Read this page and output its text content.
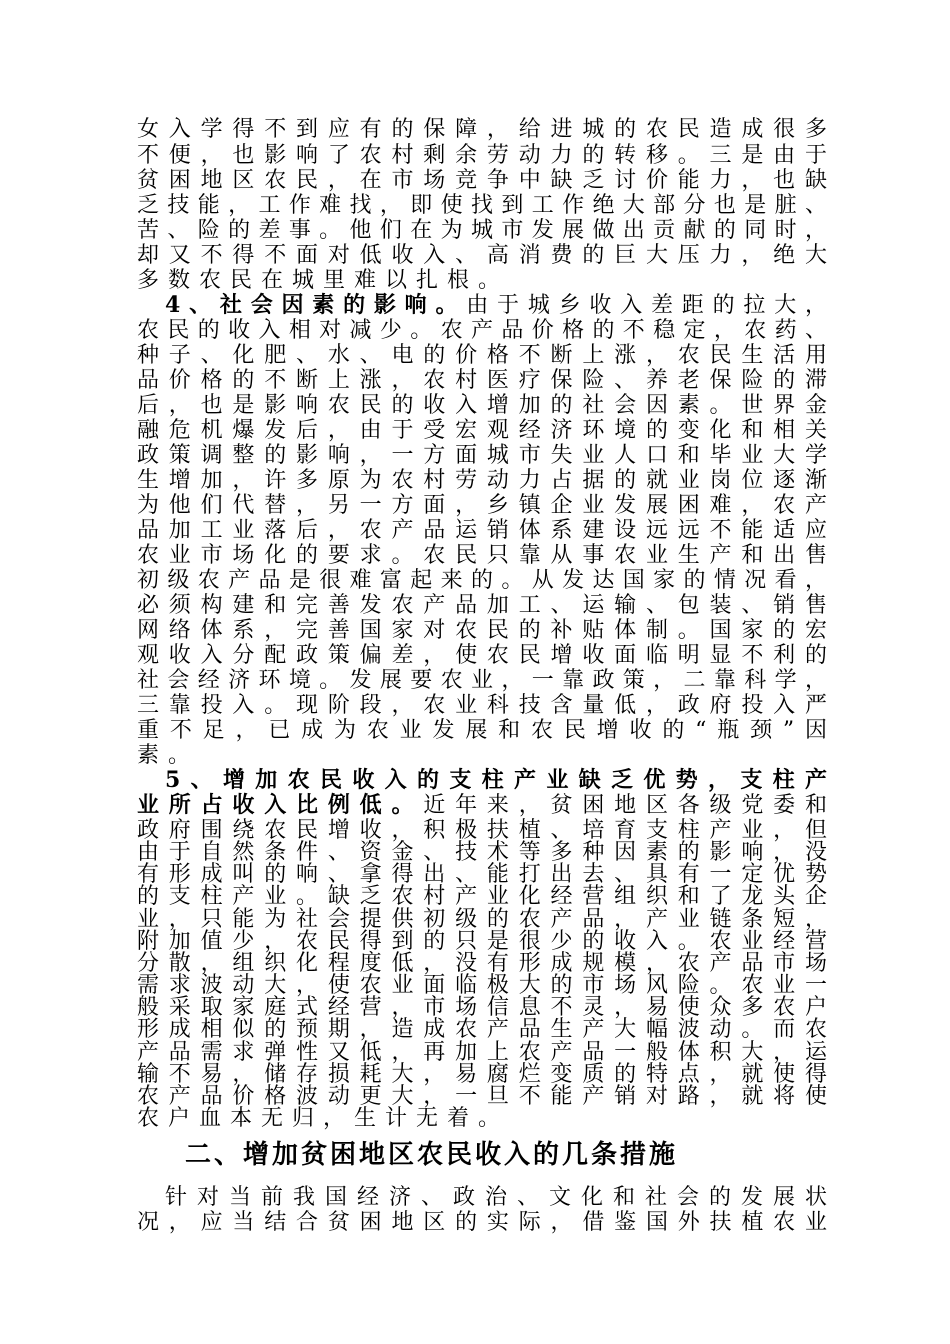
女入学得不到应有的保障，给进城的农民造成很多
不便，也影响了农村剩余劳动力的转移。三是由于
贫困地区农民，在市场竞争中缺乏讨价能力，也缺
乏技能，工作难找，即使找到工作绝大部分也是脏、
苦、险的差事。他们在为城市发展做出贡献的同时，
却又不得不面对低收入、高消费的巨大压力，绝大
多数农民在城里难以扎根。
4、社会因素的影响。由于城乡收入差距的拉大，
农民的收入相对减少。农产品价格的不稳定，农药、
种子、化肥、水、电的价格不断上涨，农民生活用
品价格的不断上涨，农村医疗保险、养老保险的滞
后，也是影响农民的收入增加的社会因素。世界金
融危机爆发后，由于受宏观经济环境的变化和相关
政策调整的影响，一方面城市失业人口和毕业大学
生增加，许多原为农村劳动力占据的就业岗位逐渐
为他们代替，另一方面，乡镇企业发展困难，农产
品加工业落后，农产品运销体系建设远远不能适应
农业市场化的要求。农民只靠从事农业生产和出售
初级农产品是很难富起来的。从发达国家的情况看，
必须构建和完善发农产品加工、运输、包装、销售
网络体系，完善国家对农民的补贴体制。国家的宏
观收入分配政策偏差，使农民增收面临明显不利的
社会经济环境。发展要农业，一靠政策，二靠科学，
三靠投入。现阶段，农业科技含量低，政府投入严
重不足，已成为农业发展和农民增收的“瓶颈”因
素。
5、增加农民收入的支柱产业缺乏优势，支柱产
业所占收入比例低。近年来，贫困地区各级党委和
政府围绕农民增收，积极扶植、培育支柱产业，但
由于自然条件、资金、技术等多种因素的影响，没
有形成叫的响、拿得出、能打出去、具有一定优势
的支柱产业。缺乏农村产业化经营组织和了龙头企
业，只能为社会提供初级的农产品，产业链条短，
附加值少，农民得到的只是很少的收入。农业经营
分散，组织化程度低，没有形成规模，农产品市场
需求波动大，使农业面临极大的市场风险。农业一
般采取家庭式经营，市场信息不灵，易使众多农户
形成相似的预期，造成农产品生产大幅波动。而农
产品需求弹性又低，再加上农产品一般体积大，运
输不易，储存损耗大，易腐烂变质的特点，就使得
农产品价格波动更大，一旦不能产销对路，就将使
二、增加贫困地区农民收入的几条措施
针对当前我国经济、政治、文化和社会的发展状
况，应当结合贫困地区的实际，借鉴国外扶植农业
农户血本无归，生计无着。
